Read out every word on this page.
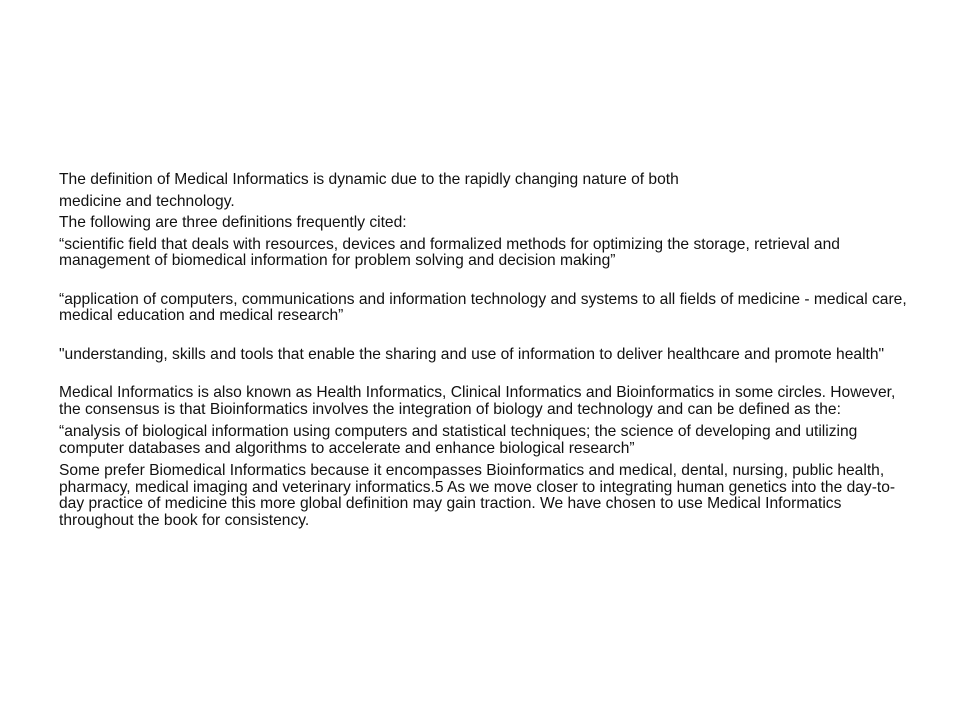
The definition of Medical Informatics is dynamic due to the rapidly changing nature of both

medicine and technology.

The following are three definitions frequently cited:

“scientific field that deals with resources, devices and formalized methods for optimizing the storage, retrieval and management of biomedical information for problem solving and decision making”

“application of computers, communications and information technology and systems to all fields of medicine - medical care, medical education and medical research”

"understanding, skills and tools that enable the sharing and use of information to deliver healthcare and promote health"

Medical Informatics is also known as Health Informatics, Clinical Informatics and Bioinformatics in some circles. However, the consensus is that Bioinformatics involves the integration of biology and technology and can be defined as the:

“analysis of biological information using computers and statistical techniques; the science of developing and utilizing computer databases and algorithms to accelerate and enhance biological research”

Some prefer Biomedical Informatics because it encompasses Bioinformatics and medical, dental, nursing, public health, pharmacy, medical imaging and veterinary informatics.5 As we move closer to integrating human genetics into the day-to-day practice of medicine this more global definition may gain traction. We have chosen to use Medical Informatics throughout the book for consistency.
